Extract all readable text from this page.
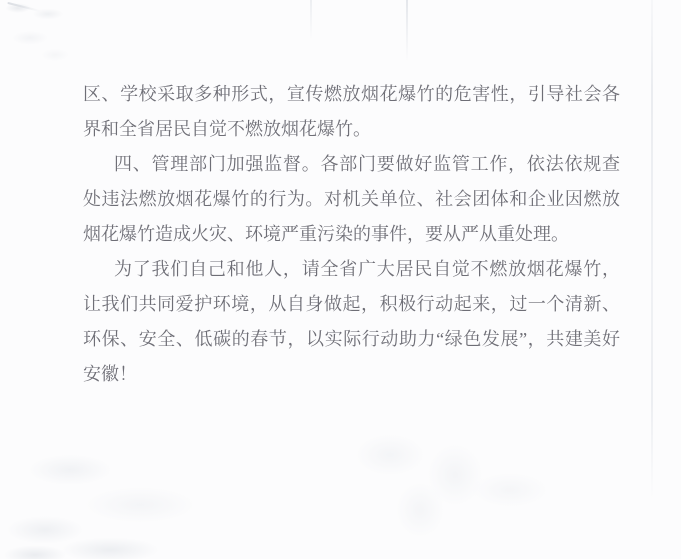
区、学校采取多种形式，宣传燃放烟花爆竹的危害性，引导社会各
界和全省居民自觉不燃放烟花爆竹。
四、管理部门加强监督。各部门要做好监管工作，依法依规查
处违法燃放烟花爆竹的行为。对机关单位、社会团体和企业因燃放
烟花爆竹造成火灾、环境严重污染的事件，要从严从重处理。
为了我们自己和他人，请全省广大居民自觉不燃放烟花爆竹，
让我们共同爱护环境，从自身做起，积极行动起来，过一个清新、
环保、安全、低碳的春节，以实际行动助力“绿色发展”，共建美好
安徽！
